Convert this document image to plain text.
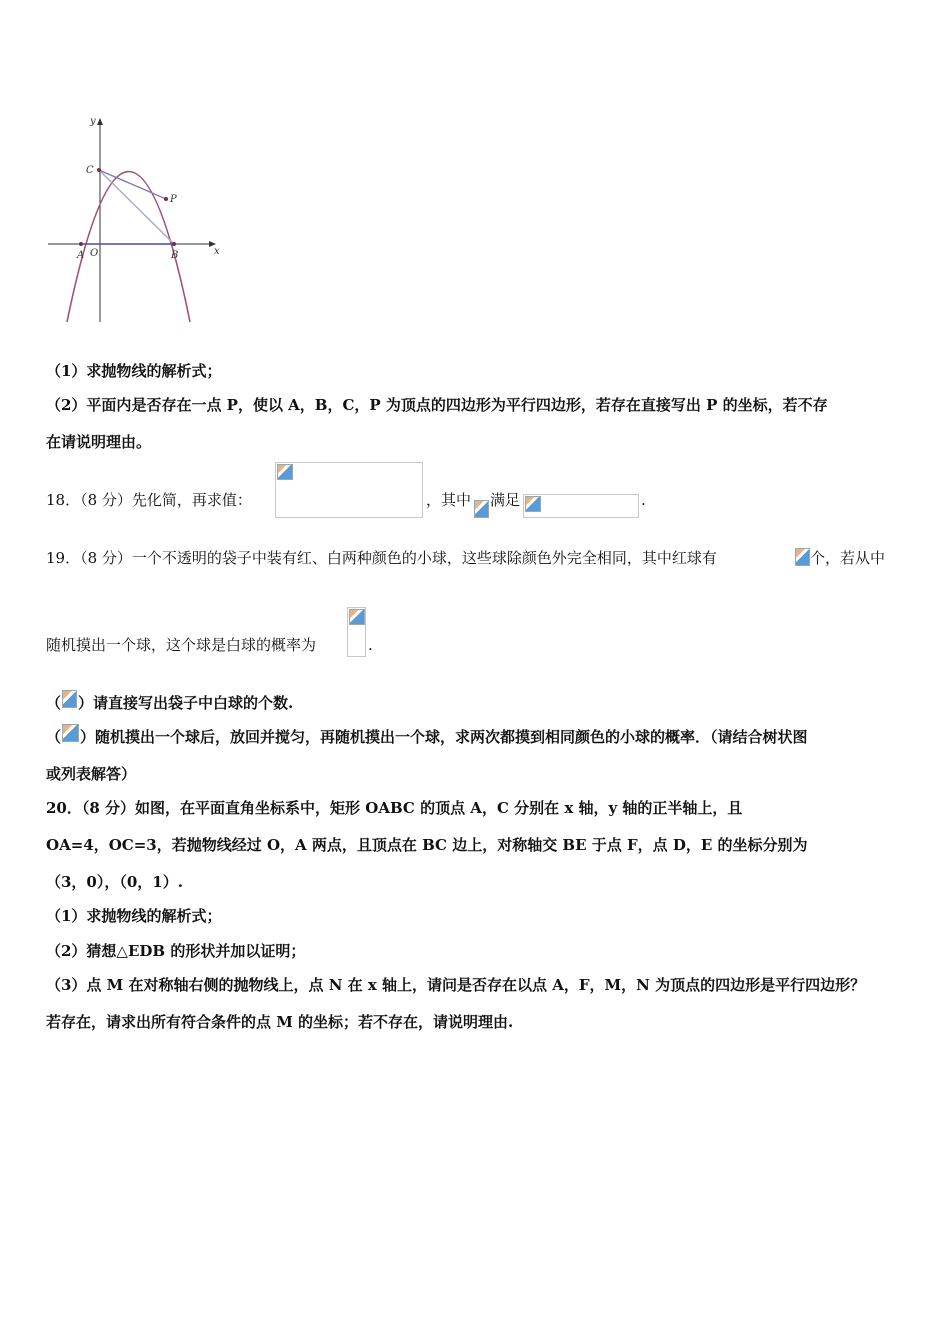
y
x
C
P
O
A	B
（1）求抛物线的解析式；
（2）平面内是否存在一点 P，使以 A，B，C，P 为顶点的四边形为平行四边形，若存在直接写出 P 的坐标，若不存
在请说明理由。
18．（8 分）先化简，再求值：	，其中 满足	.
19．（8 分）一个不透明的袋子中装有红、白两种颜色的小球，这些球除颜色外完全相同，其中红球有	个，若从中
随机摸出一个球，这个球是白球的概率为	.
（ ）请直接写出袋子中白球的个数.
（ ）随机摸出一个球后，放回并搅匀，再随机摸出一个球，求两次都摸到相同颜色的小球的概率．（请结合树状图
或列表解答）
20．（8 分）如图，在平面直角坐标系中，矩形 OABC 的顶点 A，C 分别在 x 轴，y 轴的正半轴上，且
OA=4，OC=3，若抛物线经过 O，A 两点，且顶点在 BC 边上，对称轴交 BE 于点 F，点 D，E 的坐标分别为
（3，0），（0，1）.
（1）求抛物线的解析式；
（2）猜想△EDB 的形状并加以证明；
（3）点 M 在对称轴右侧的抛物线上，点 N 在 x 轴上，请问是否存在以点 A，F，M，N 为顶点的四边形是平行四边形？
若存在，请求出所有符合条件的点 M 的坐标；若不存在，请说明理由.
